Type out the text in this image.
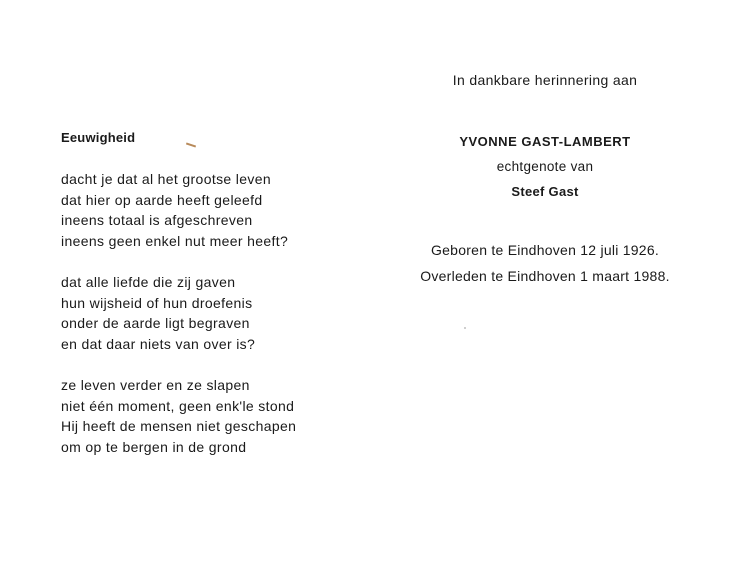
Eeuwigheid
dacht je dat al het grootse leven
dat hier op aarde heeft geleefd
ineens totaal is afgeschreven
ineens geen enkel nut meer heeft?
dat alle liefde die zij gaven
hun wijsheid of hun droefenis
onder de aarde ligt begraven
en dat daar niets van over is?
ze leven verder en ze slapen
niet één moment, geen enk'le stond
Hij heeft de mensen niet geschapen
om op te bergen in de grond
In dankbare herinnering aan
YVONNE GAST-LAMBERT
echtgenote van
Steef Gast
Geboren te Eindhoven 12 juli 1926.
Overleden te Eindhoven 1 maart 1988.
